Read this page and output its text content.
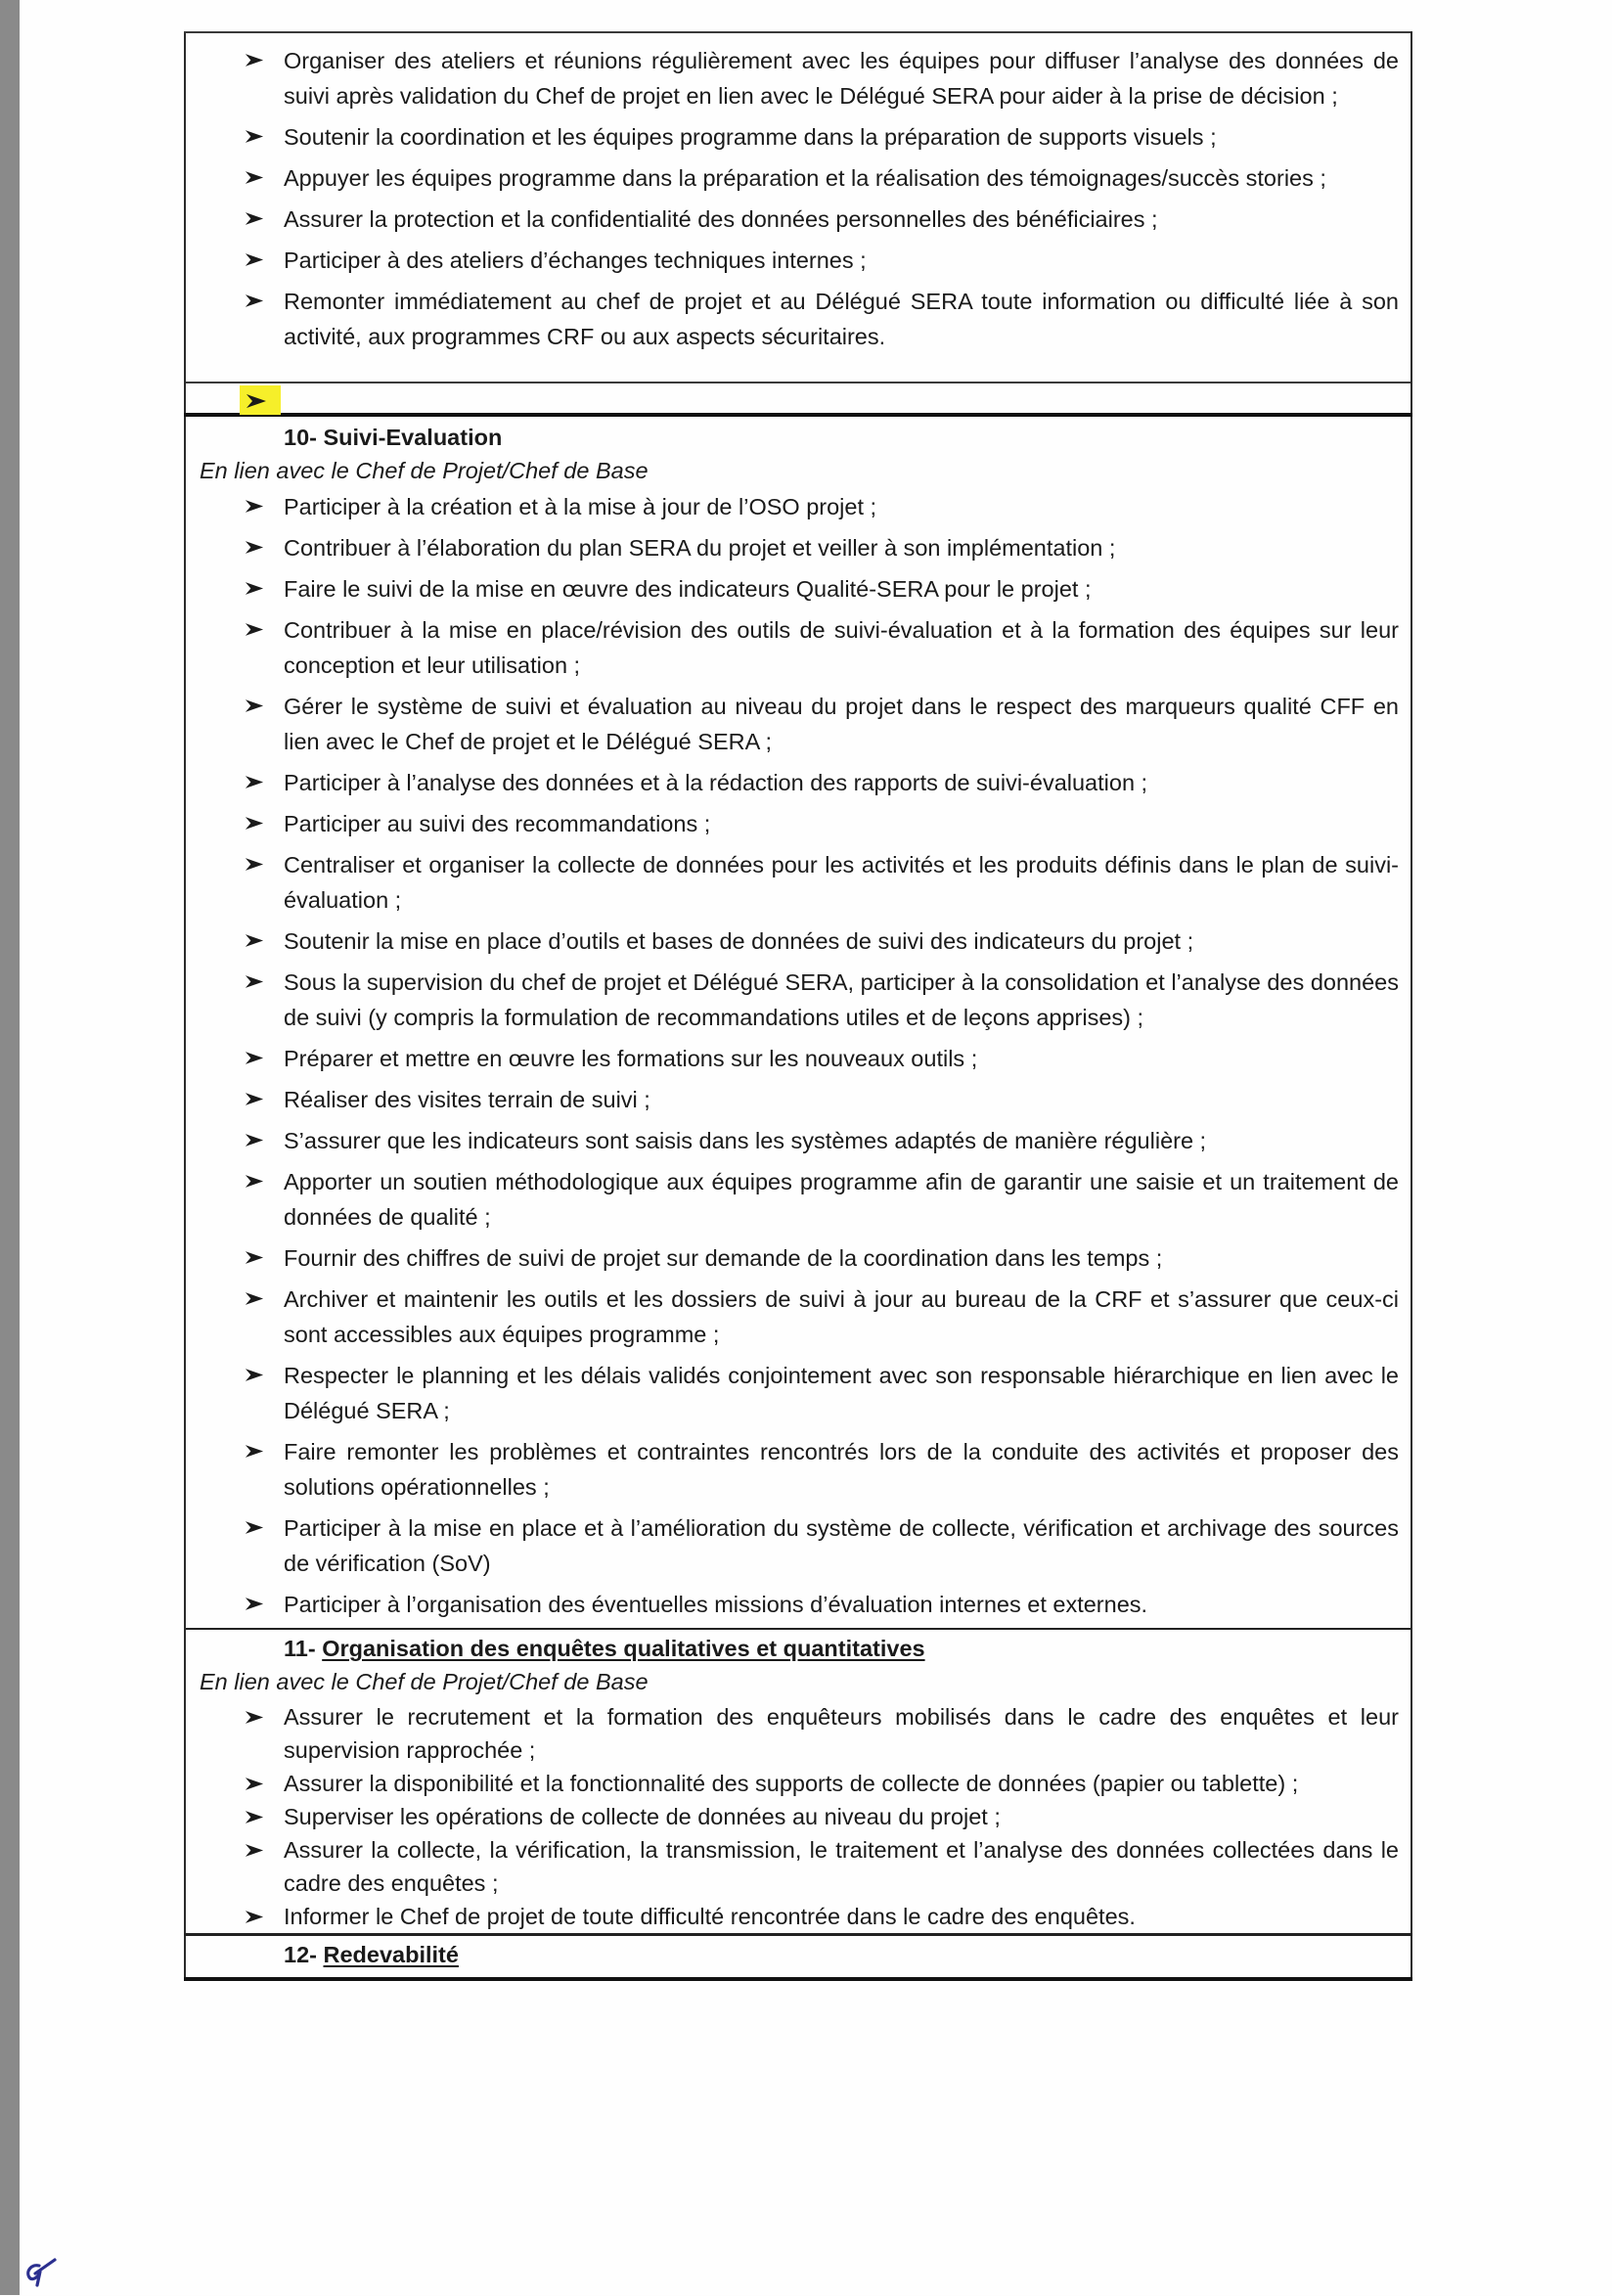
Organiser des ateliers et réunions régulièrement avec les équipes pour diffuser l’analyse des données de suivi après validation du Chef de projet en lien avec le Délégué SERA pour aider à la prise de décision ;
Soutenir la coordination et les équipes programme dans la préparation de supports visuels ;
Appuyer les équipes programme dans la préparation et la réalisation des témoignages/succès stories ;
Assurer la protection et la confidentialité des données personnelles des bénéficiaires ;
Participer à des ateliers d’échanges techniques internes ;
Remonter immédiatement au chef de projet et au Délégué SERA toute information ou difficulté liée à son activité, aux programmes CRF ou aux aspects sécuritaires.

10- Suivi-Evaluation
En lien avec le Chef de Projet/Chef de Base
Participer à la création et à la mise à jour de l’OSO projet ;
Contribuer à l’élaboration du plan SERA du projet et veiller à son implémentation ;
Faire le suivi de la mise en œuvre des indicateurs Qualité-SERA pour le projet ;
Contribuer à la mise en place/révision des outils de suivi-évaluation et à la formation des équipes sur leur conception et leur utilisation ;
Gérer le système de suivi et évaluation au niveau du projet dans le respect des marqueurs qualité CFF en lien avec le Chef de projet et le Délégué SERA ;
Participer à l’analyse des données et à la rédaction des rapports de suivi-évaluation ;
Participer au suivi des recommandations ;
Centraliser et organiser la collecte de données pour les activités et les produits définis dans le plan de suivi-évaluation ;
Soutenir la mise en place d’outils et bases de données de suivi des indicateurs du projet ;
Sous la supervision du chef de projet et Délégué SERA, participer à la consolidation et l’analyse des données de suivi (y compris la formulation de recommandations utiles et de leçons apprises) ;
Préparer et mettre en œuvre les formations sur les nouveaux outils ;
Réaliser des visites terrain de suivi ;
S’assurer que les indicateurs sont saisis dans les systèmes adaptés de manière régulière ;
Apporter un soutien méthodologique aux équipes programme afin de garantir une saisie et un traitement de données de qualité ;
Fournir des chiffres de suivi de projet sur demande de la coordination dans les temps ;
Archiver et maintenir les outils et les dossiers de suivi à jour au bureau de la CRF et s’assurer que ceux-ci sont accessibles aux équipes programme ;
Respecter le planning et les délais validés conjointement avec son responsable hiérarchique en lien avec le Délégué SERA ;
Faire remonter les problèmes et contraintes rencontrés lors de la conduite des activités et proposer des solutions opérationnelles ;
Participer à la mise en place et à l’amélioration du système de collecte, vérification et archivage des sources de vérification (SoV)
Participer à l’organisation des éventuelles missions d’évaluation internes et externes.

11- Organisation des enquêtes qualitatives et quantitatives
En lien avec le Chef de Projet/Chef de Base
Assurer le recrutement et la formation des enquêteurs mobilisés dans le cadre des enquêtes et leur supervision rapprochée ;
Assurer la disponibilité et la fonctionnalité des supports de collecte de données (papier ou tablette) ;
Superviser les opérations de collecte de données au niveau du projet ;
Assurer la collecte, la vérification, la transmission, le traitement et l’analyse des données collectées dans le cadre des enquêtes ;
Informer le Chef de projet de toute difficulté rencontrée dans le cadre des enquêtes.

12- Redevabilité
